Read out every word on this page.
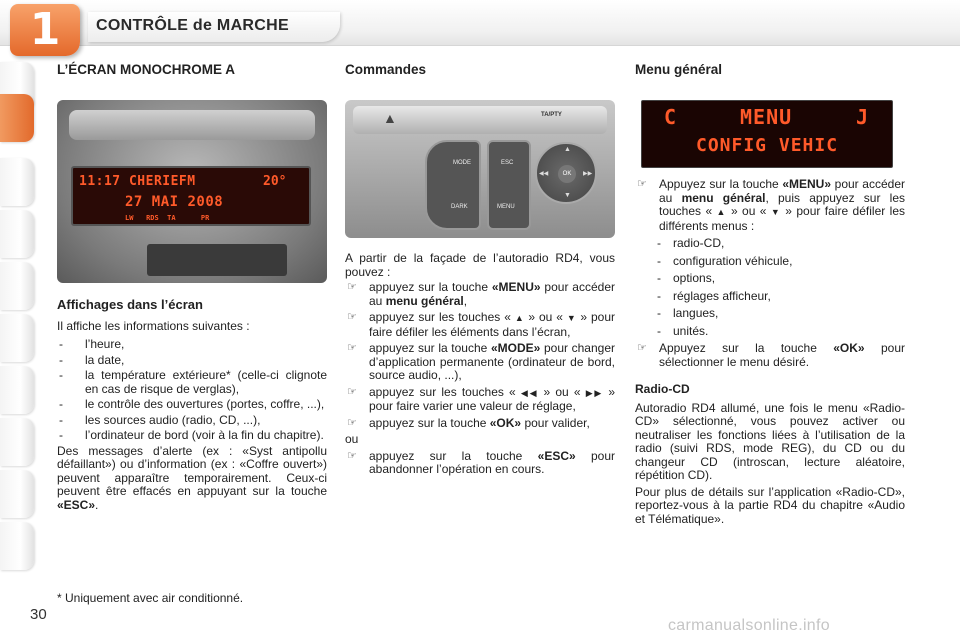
1	CONTRÔLE de MARCHE
L’ÉCRAN MONOCHROME A	Commandes	Menu général
11:17 CHERIEFM	20°
27 MAI 2008
LW   RDS  TA      PR
▲	TA/PTY
MODE
DARK
ESC
MENU
OK
▲
▼
◀◀	▶▶
C	MENU	J
CONFIG VEHIC
Affichages dans l’écran

Il affiche les informations suivantes :

- l’heure,
- la date,
- la température extérieure* (celle-ci clignote en cas de risque de verglas),
- le contrôle des ouvertures (portes, coffre, ...),
- les sources audio (radio, CD, ...),
- l’ordinateur de bord (voir à la fin du chapitre).

Des messages d’alerte (ex : «Syst antipollu défaillant») ou d’information (ex : «Coffre ouvert») peuvent apparaître temporairement. Ceux-ci peuvent être effacés en appuyant sur la touche «ESC».

A partir de la façade de l’autoradio RD4, vous pouvez :

☞ appuyez sur la touche «MENU» pour accéder au menu général,
☞ appuyez sur les touches « ▲ » ou « ▼ » pour faire défiler les éléments dans l’écran,
☞ appuyez sur la touche «MODE» pour changer d’application permanente (ordinateur de bord, source audio, ...),
☞ appuyez sur les touches « ◀◀ » ou « ▶▶ » pour faire varier une valeur de réglage,
☞ appuyez sur la touche «OK» pour valider,

ou

☞ appuyez sur la touche «ESC» pour abandonner l’opération en cours.
☞ Appuyez sur la touche «MENU» pour accéder au menu général, puis appuyez sur les touches « ▲ » ou « ▼ » pour faire défiler les différents menus :
- radio-CD,
- configuration véhicule,
- options,
- réglages afficheur,
- langues,
- unités.
☞ Appuyez sur la touche «OK» pour sélectionner le menu désiré.
Radio-CD

Autoradio RD4 allumé, une fois le menu «Radio-CD» sélectionné, vous pouvez activer ou neutraliser les fonctions liées à l’utilisation de la radio (suivi RDS, mode REG), du CD ou du changeur CD (introscan, lecture aléatoire, répétition CD).

Pour plus de détails sur l’application «Radio-CD», reportez-vous à la partie RD4 du chapitre «Audio et Télématique».

* Uniquement avec air conditionné.
30
carmanualsonline.info
